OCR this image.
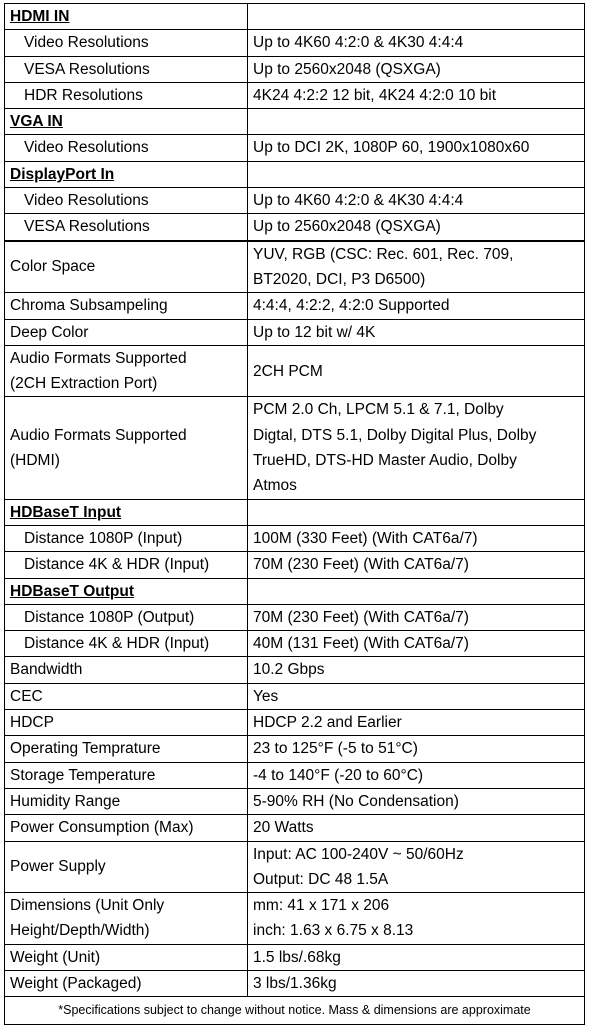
HDMI IN	
Video Resolutions	Up to 4K60 4:2:0 & 4K30 4:4:4
VESA Resolutions	Up to 2560x2048 (QSXGA)
HDR Resolutions	4K24 4:2:2 12 bit, 4K24 4:2:0 10 bit
VGA IN	
Video Resolutions	Up to DCI 2K, 1080P 60, 1900x1080x60
DisplayPort In	
Video Resolutions	Up to 4K60 4:2:0 & 4K30 4:4:4
VESA Resolutions	Up to 2560x2048 (QSXGA)

Color Space	YUV, RGB (CSC: Rec. 601, Rec. 709,
BT2020, DCI, P3 D6500)
Chroma Subsampeling	4:4:4, 4:2:2, 4:2:0 Supported
Deep Color	Up to 12 bit w/ 4K
Audio Formats Supported
(2CH Extraction Port)	2CH PCM
Audio Formats Supported
(HDMI)	PCM 2.0 Ch, LPCM 5.1 & 7.1, Dolby
Digtal, DTS 5.1, Dolby Digital Plus, Dolby
TrueHD, DTS-HD Master Audio, Dolby
Atmos
HDBaseT Input	
Distance 1080P (Input)	100M (330 Feet) (With CAT6a/7)
Distance 4K & HDR (Input)	70M (230 Feet) (With CAT6a/7)
HDBaseT Output	
Distance 1080P (Output)	70M (230 Feet) (With CAT6a/7)
Distance 4K & HDR (Input)	40M (131 Feet) (With CAT6a/7)
Bandwidth	10.2 Gbps
CEC	Yes
HDCP	HDCP 2.2 and Earlier
Operating Temprature	23 to 125°F (-5 to 51°C)
Storage Temperature	-4 to 140°F (-20 to 60°C)
Humidity Range	5-90% RH (No Condensation)
Power Consumption (Max)	20 Watts
Power Supply	Input: AC 100-240V ~ 50/60Hz
Output: DC 48 1.5A
Dimensions (Unit Only
Height/Depth/Width)	mm: 41 x 171 x 206
inch: 1.63 x 6.75 x 8.13
Weight (Unit)	1.5 lbs/.68kg
Weight (Packaged)	3 lbs/1.36kg
*Specifications subject to change without notice. Mass & dimensions are approximate	
